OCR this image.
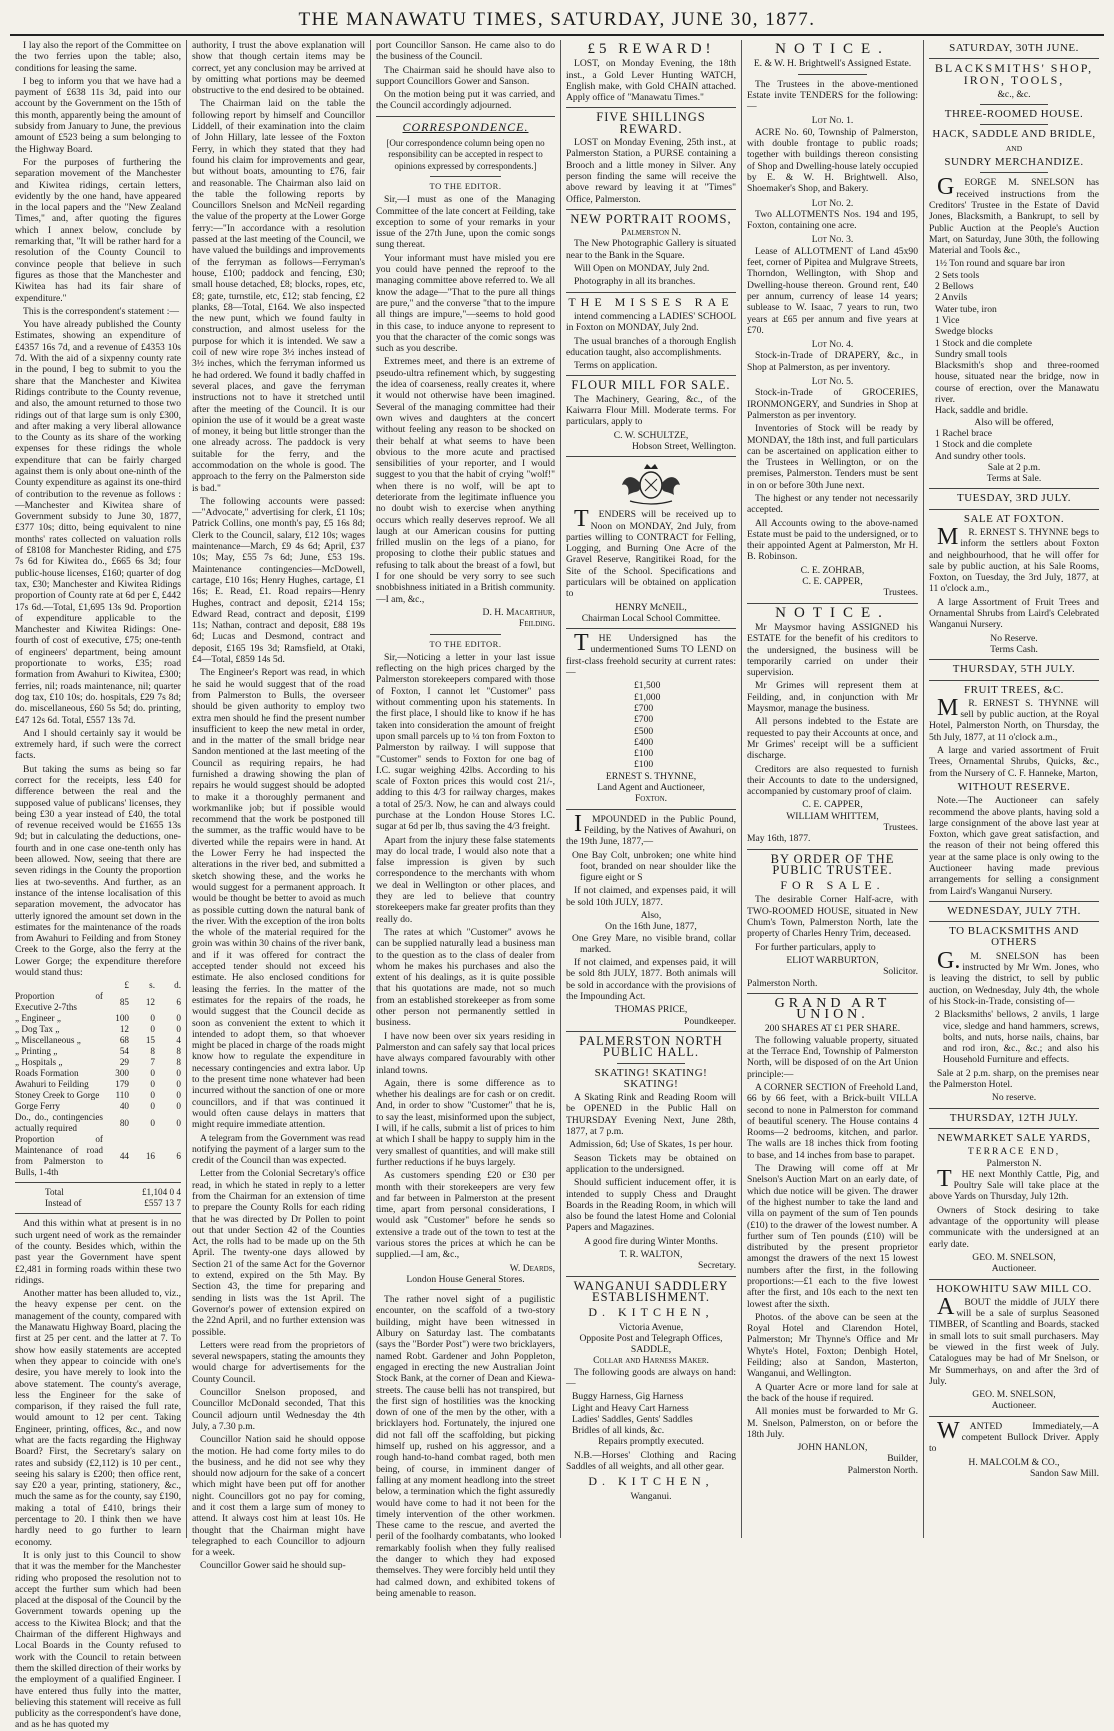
THE MANAWATU TIMES, SATURDAY, JUNE 30, 1877.

I lay also the report of the Committee on the two ferries upon the table; also, conditions for leasing the same.

I beg to inform you that we have had a payment of £638 11s 3d, paid into our account by the Government on the 15th of this month, apparently being the amount of subsidy from January to June, the previous amount of £523 being a sum belonging to the Highway Board.

For the purposes of furthering the separation movement of the Manchester and Kiwitea ridings, certain letters, evidently by the one hand, have appeared in the local papers and the "New Zealand Times," and, after quoting the figures which I annex below, conclude by remarking that, "It will be rather hard for a resolution of the County Council to convince people that believe in such figures as those that the Manchester and Kiwitea has had its fair share of expenditure."

This is the correspondent's statement :—

You have already published the County Estimates, showing an expenditure of £4357 16s 7d, and a revenue of £4353 10s 7d. With the aid of a sixpenny county rate in the pound, I beg to submit to you the share that the Manchester and Kiwitea Ridings contribute to the County revenue, and also, the amount returned to those two ridings out of that large sum is only £300, and after making a very liberal allowance to the County as its share of the working expenses for these ridings the whole expenditure that can be fairly charged against them is only about one-ninth of the County expenditure as against its one-third of contribution to the revenue as follows :—Manchester and Kiwitea share of Government subsidy to June 30, 1877, £377 10s; ditto, being equivalent to nine months' rates collected on valuation rolls of £8108 for Manchester Riding, and £75 7s 6d for Kiwitea do., £665 6s 3d; four public-house licenses, £160; quarter of dog tax, £30; Manchester and Kiwitea Ridings proportion of County rate at 6d per £, £442 17s 6d.—Total, £1,695 13s 9d. Proportion of expenditure applicable to the Manchester and Kiwitea Ridings: One-fourth of cost of executive, £75; one-tenth of engineers' department, being amount proportionate to works, £35; road formation from Awahuri to Kiwitea, £300; ferries, nil; roads maintenance, nil; quarter dog tax, £10 10s; do. hospitals, £29 7s 8d; do. miscellaneous, £60 5s 5d; do. printing, £47 12s 6d. Total, £557 13s 7d.

And I should certainly say it would be extremely hard, if such were the correct facts.

But taking the sums as being so far correct for the receipts, less £40 for difference between the real and the supposed value of publicans' licenses, they being £30 a year instead of £40, the total of revenue received would be £1655 13s 9d; but in calculating the deductions, one-fourth and in one case one-tenth only has been allowed. Now, seeing that there are seven ridings in the County the proportion lies at two-sevenths. And further, as an instance of the intense localisation of this separation movement, the advocator has utterly ignored the amount set down in the estimates for the maintenance of the roads from Awahuri to Feilding and from Stoney Creek to the Gorge, also the ferry at the Lower Gorge; the expenditure therefore would stand thus:

	£	s.	d.
Proportion of Executive 2-7ths	85	12	6
„ Engineer „	100	0	0
„ Dog Tax „	12	0	0
„ Miscellaneous „	68	15	4
„ Printing „	54	8	8
„ Hospitals „	29	7	8
Roads Formation	300	0	0
Awahuri to Feilding	179	0	0
Stoney Creek to Gorge	110	0	0
Gorge Ferry	40	0	0
Do., do., contingencies actually required	80	0	0
Proportion of Maintenance of road from Palmerston to Bulls, 1-4th	44	16	6
Total	£1,104 0 4
Instead of	£557 13 7

And this within what at present is in no such urgent need of work as the remainder of the county. Besides which, within the past year the Government have spent £2,481 in forming roads within these two ridings.

Another matter has been alluded to, viz., the heavy expense per cent. on the management of the county, compared with the Manawatu Highway Board, placing the first at 25 per cent. and the latter at 7. To show how easily statements are accepted when they appear to coincide with one's desire, you have merely to look into the above statement. The county's average, less the Engineer for the sake of comparison, if they raised the full rate, would amount to 12 per cent. Taking Engineer, printing, offices, &c., and now what are the facts regarding the Highway Board? First, the Secretary's salary on rates and subsidy (£2,112) is 10 per cent., seeing his salary is £200; then office rent, say £20 a year, printing, stationery, &c., much the same as for the county, say £190, making a total of £410, brings their percentage to 20. I think then we have hardly need to go further to learn economy.

It is only just to this Council to show that it was the member for the Manchester riding who proposed the resolution not to accept the further sum which had been placed at the disposal of the Council by the Government towards opening up the access to the Kiwitea Block; and that the Chairman of the different Highways and Local Boards in the County refused to work with the Council to retain between them the skilled direction of their works by the employment of a qualified Engineer. I have entered thus fully into the matter, believing this statement will receive as full publicity as the correspondent's have done, and as he has quoted my

authority, I trust the above explanation will show that though certain items may be correct, yet any conclusion may be arrived at by omitting what portions may be deemed obstructive to the end desired to be obtained.

The Chairman laid on the table the following report by himself and Councillor Liddell, of their examination into the claim of John Hillary, late lessee of the Foxton Ferry, in which they stated that they had found his claim for improvements and gear, but without boats, amounting to £76, fair and reasonable. The Chairman also laid on the table the following reports by Councillors Snelson and McNeil regarding the value of the property at the Lower Gorge ferry:—"In accordance with a resolution passed at the last meeting of the Council, we have valued the buildings and improvements of the ferryman as follows—Ferryman's house, £100; paddock and fencing, £30; small house detached, £8; blocks, ropes, etc, £8; gate, turnstile, etc, £12; stab fencing, £2 planks, £8—Total, £164. We also inspected the new punt, which we found faulty in construction, and almost useless for the purpose for which it is intended. We saw a coil of new wire rope 3½ inches instead of 3½ inches, which the ferryman informed us he had ordered. We found it badly chaffed in several places, and gave the ferryman instructions not to have it stretched until after the meeting of the Council. It is our opinion the use of it would be a great waste of money, it being but little stronger than the one already across. The paddock is very suitable for the ferry, and the accommodation on the whole is good. The approach to the ferry on the Palmerston side is bad."

The following accounts were passed:—"Advocate," advertising for clerk, £1 10s; Patrick Collins, one month's pay, £5 16s 8d; Clerk to the Council, salary, £12 10s; wages maintenance—March, £9 4s 6d; April, £37 10s; May, £55 7s 6d; June, £53 19s. Maintenance contingencies—McDowell, cartage, £10 16s; Henry Hughes, cartage, £1 16s; E. Read, £1. Road repairs—Henry Hughes, contract and deposit, £214 15s; Edward Read, contract and deposit, £199 11s; Nathan, contract and deposit, £88 19s 6d; Lucas and Desmond, contract and deposit, £165 19s 3d; Ramsfield, at Otaki, £4—Total, £859 14s 5d.

The Engineer's Report was read, in which he said he would suggest that of the road from Palmerston to Bulls, the overseer should be given authority to employ two extra men should he find the present number insufficient to keep the new metal in order, and in the matter of the small bridge near Sandon mentioned at the last meeting of the Council as requiring repairs, he had furnished a drawing showing the plan of repairs he would suggest should be adopted to make it a thoroughly permanent and workmanlike job; but if possible would recommend that the work be postponed till the summer, as the traffic would have to be diverted while the repairs were in hand. At the Lower Ferry he had inspected the alterations in the river bed, and submitted a sketch showing these, and the works he would suggest for a permanent approach. It would be thought be better to avoid as much as possible cutting down the natural bank of the river. With the exception of the iron bolts the whole of the material required for the groin was within 30 chains of the river bank, and if it was offered for contract the accepted tender should not exceed his estimate. He also enclosed conditions for leasing the ferries. In the matter of the estimates for the repairs of the roads, he would suggest that the Council decide as soon as convenient the extent to which it intended to adopt them, so that whoever might be placed in charge of the roads might know how to regulate the expenditure in necessary contingencies and extra labor. Up to the present time none whatever had been incurred without the sanction of one or more councillors, and if that was continued it would often cause delays in matters that might require immediate attention.

A telegram from the Government was read notifying the payment of a larger sum to the credit of the Council than was expected.

Letter from the Colonial Secretary's office read, in which he stated in reply to a letter from the Chairman for an extension of time to prepare the County Rolls for each riding that he was directed by Dr Pollen to point out that under Section 42 of the Counties Act, the rolls had to be made up on the 5th April. The twenty-one days allowed by Section 21 of the same Act for the Governor to extend, expired on the 5th May. By Section 43, the time for preparing and sending in lists was the 1st April. The Governor's power of extension expired on the 22nd April, and no further extension was possible.

Letters were read from the proprietors of several newspapers, stating the amounts they would charge for advertisements for the County Council.

Councillor Snelson proposed, and Councillor McDonald seconded, That this Council adjourn until Wednesday the 4th July, a 7.30 p.m.

Councillor Nation said he should oppose the motion. He had come forty miles to do the business, and he did not see why they should now adjourn for the sake of a concert which might have been put off for another night. Councillors got no pay for coming, and it cost them a large sum of money to attend. It always cost him at least 10s. He thought that the Chairman might have telegraphed to each Councillor to adjourn for a week.

Councillor Gower said he should sup-

port Councillor Sanson. He came also to do the business of the Council.

The Chairman said he should have also to support Councillors Gower and Sanson.

On the motion being put it was carried, and the Council accordingly adjourned.

CORRESPONDENCE.

[Our correspondence column being open no responsibility can be accepted in respect to opinions expressed by correspondents.]

TO THE EDITOR.

Sir,—I must as one of the Managing Committee of the late concert at Feilding, take exception to some of your remarks in your issue of the 27th June, upon the comic songs sung thereat.

Your informant must have misled you ere you could have penned the reproof to the managing committee above referred to. We all know the adage—"That to the pure all things are pure," and the converse "that to the impure all things are impure,"—seems to hold good in this case, to induce anyone to represent to you that the character of the comic songs was such as you describe.

Extremes meet, and there is an extreme of pseudo-ultra refinement which, by suggesting the idea of coarseness, really creates it, where it would not otherwise have been imagined. Several of the managing committee had their own wives and daughters at the concert without feeling any reason to be shocked on their behalf at what seems to have been obvious to the more acute and practised sensibilities of your reporter, and I would suggest to you that the habit of crying "wolf!" when there is no wolf, will be apt to deteriorate from the legitimate influence you no doubt wish to exercise when anything occurs which really deserves reproof. We all laugh at our American cousins for putting frilled muslin on the legs of a piano, for proposing to clothe their public statues and refusing to talk about the breast of a fowl, but I for one should be very sorry to see such snobbishness initiated in a British community.—I am, &c.,

D. H. Macarthur,
Feilding.
TO THE EDITOR.

Sir,—Noticing a letter in your last issue reflecting on the high prices charged by the Palmerston storekeepers compared with those of Foxton, I cannot let "Customer" pass without commenting upon his statements. In the first place, I should like to know if he has taken into consideration the amount of freight upon small parcels up to ¼ ton from Foxton to Palmerston by railway. I will suppose that "Customer" sends to Foxton for one bag of I.C. sugar weighing 42lbs. According to his scale of Foxton prices this would cost 21/-, adding to this 4/3 for railway charges, makes a total of 25/3. Now, he can and always could purchase at the London House Stores I.C. sugar at 6d per lb, thus saving the 4/3 freight.

Apart from the injury these false statements may do local trade, I would also note that a false impression is given by such correspondence to the merchants with whom we deal in Wellington or other places, and they are led to believe that country storekeepers make far greater profits than they really do.

The rates at which "Customer" avows he can be supplied naturally lead a business man to the question as to the class of dealer from whom he makes his purchases and also the extent of his dealings, as it is quite possible that his quotations are made, not so much from an established storekeeper as from some other person not permanently settled in business.

I have now been over six years residing in Palmerston and can safely say that local prices have always compared favourably with other inland towns.

Again, there is some difference as to whether his dealings are for cash or on credit. And, in order to show "Customer" that he is, to say the least, misinformed upon the subject, I will, if he calls, submit a list of prices to him at which I shall be happy to supply him in the very smallest of quantities, and will make still further reductions if he buys largely.

As customers spending £20 or £30 per month with their storekeepers are very few and far between in Palmerston at the present time, apart from personal considerations, I would ask "Customer" before he sends so extensive a trade out of the town to test at the various stores the prices at which he can be supplied.—I am, &c.,

W. Deards,
London House General Stores.

The rather novel sight of a pugilistic encounter, on the scaffold of a two-story building, might have been witnessed in Albury on Saturday last. The combatants (says the "Border Post") were two bricklayers, named Robt. Gardener and John Poppleton, engaged in erecting the new Australian Joint Stock Bank, at the corner of Dean and Kiewa-streets. The cause belli has not transpired, but the first sign of hostilities was the knocking down of one of the men by the other, with a bricklayers hod. Fortunately, the injured one did not fall off the scaffolding, but picking himself up, rushed on his aggressor, and a rough hand-to-hand combat raged, both men being, of course, in imminent danger of falling at any moment headlong into the street below, a termination which the fight assuredly would have come to had it not been for the timely intervention of the other workmen. These came to the rescue, and averted the peril of the foolhardy combatants, who looked remarkably foolish when they fully realised the danger to which they had exposed themselves. They were forcibly held until they had calmed down, and exhibited tokens of being amenable to reason.

£5 REWARD!

LOST, on Monday Evening, the 18th inst., a Gold Lever Hunting WATCH, English make, with Gold CHAIN attached. Apply office of "Manawatu Times."

FIVE SHILLINGS REWARD.

LOST on Monday Evening, 25th inst., at Palmerston Station, a PURSE containing a Brooch and a little money in Silver. Any person finding the same will receive the above reward by leaving it at "Times" Office, Palmerston.

NEW PORTRAIT ROOMS,
Palmerston N.

The New Photographic Gallery is situated near to the Bank in the Square.

Will Open on MONDAY, July 2nd.

Photography in all its branches.

THE MISSES RAE

intend commencing a LADIES' SCHOOL in Foxton on MONDAY, July 2nd.

The usual branches of a thorough English education taught, also accomplishments.

Terms on application.

FLOUR MILL FOR SALE.

The Machinery, Gearing, &c., of the Kaiwarra Flour Mill. Moderate terms. For particulars, apply to

C. W. SCHULTZE,
Hobson Street, Wellington.

TENDERS will be received up to Noon on MONDAY, 2nd July, from parties willing to CONTRACT for Felling, Logging, and Burning One Acre of the Gravel Reserve, Rangitikei Road, for the Site of the School. Specifications and particulars will be obtained on application to

HENRY McNEIL,
Chairman Local School Committee.

THE Undersigned has the undermentioned Sums TO LEND on first-class freehold security at current rates:—

£1,500
£1,000
£700
£700
£500
£400
£100
£100
ERNEST S. THYNNE,
Land Agent and Auctioneer,
Foxton.

IMPOUNDED in the Public Pound, Feilding, by the Natives of Awahuri, on the 19th June, 1877,—

One Bay Colt, unbroken; one white hind foot, branded on near shoulder like the figure eight or S

If not claimed, and expenses paid, it will be sold 10th JULY, 1877.

Also,
On the 16th June, 1877,

One Grey Mare, no visible brand, collar marked.

If not claimed, and expenses paid, it will be sold 8th JULY, 1877. Both animals will be sold in accordance with the provisions of the Impounding Act.

THOMAS PRICE,
Poundkeeper.
PALMERSTON NORTH PUBLIC HALL.
SKATING! SKATING! SKATING!

A Skating Rink and Reading Room will be OPENED in the Public Hall on THURSDAY Evening Next, June 28th, 1877, at 7 p.m.

Admission, 6d; Use of Skates, 1s per hour.

Season Tickets may be obtained on application to the undersigned.

Should sufficient inducement offer, it is intended to supply Chess and Draught Boards in the Reading Room, in which will also be found the latest Home and Colonial Papers and Magazines.

A good fire during Winter Months.

T. R. WALTON,
Secretary.
WANGANUI SADDLERY ESTABLISHMENT.
D. KITCHEN,
Victoria Avenue,
Opposite Post and Telegraph Offices,
SADDLE,
Collar and Harness Maker.

The following goods are always on hand:—

Buggy Harness, Gig Harness
Light and Heavy Cart Harness
Ladies' Saddles, Gents' Saddles
Bridles of all kinds, &c.

Repairs promptly executed.

N.B.—Horses' Clothing and Racing Saddles of all weights, and all other gear.

D. KITCHEN,
Wanganui.
NOTICE.
E. & W. H. Brightwell's Assigned Estate.

The Trustees in the above-mentioned Estate invite TENDERS for the following:—

Lot No. 1.

ACRE No. 60, Township of Palmerston, with double frontage to public roads; together with buildings thereon consisting of Shop and Dwelling-house lately occupied by E. & W. H. Brightwell. Also, Shoemaker's Shop, and Bakery.

Lot No. 2.

Two ALLOTMENTS Nos. 194 and 195, Foxton, containing one acre.

Lot No. 3.

Lease of ALLOTMENT of Land 45x90 feet, corner of Pipitea and Mulgrave Streets, Thorndon, Wellington, with Shop and Dwelling-house thereon. Ground rent, £40 per annum, currency of lease 14 years; sublease to W. Isaac, 7 years to run, two years at £65 per annum and five years at £70.

Lot No. 4.

Stock-in-Trade of DRAPERY, &c., in Shop at Palmerston, as per inventory.

Lot No. 5.

Stock-in-Trade of GROCERIES, IRONMONGERY, and Sundries in Shop at Palmerston as per inventory.

Inventories of Stock will be ready by MONDAY, the 18th inst, and full particulars can be ascertained on application either to the Trustees in Wellington, or on the premises, Palmerston. Tenders must be sent in on or before 30th June next.

The highest or any tender not necessarily accepted.

All Accounts owing to the above-named Estate must be paid to the undersigned, or to their appointed Agent at Palmerston, Mr H. B. Robinson.

C. E. ZOHRAB,
C. E. CAPPER,
Trustees.
NOTICE.

Mr Maysmor having ASSIGNED his ESTATE for the benefit of his creditors to the undersigned, the business will be temporarily carried on under their supervision.

Mr Grimes will represent them at Feilding, and, in conjunction with Mr Maysmor, manage the business.

All persons indebted to the Estate are requested to pay their Accounts at once, and Mr Grimes' receipt will be a sufficient discharge.

Creditors are also requested to furnish their Accounts to date to the undersigned, accompanied by customary proof of claim.

C. E. CAPPER,
WILLIAM WHITTEM,
Trustees.
May 16th, 1877.
BY ORDER OF THE PUBLIC TRUSTEE.
FOR SALE.

The desirable Corner Half-acre, with TWO-ROOMED HOUSE, situated in New Chum's Town, Palmerston North, late the property of Charles Henry Trim, deceased.

For further particulars, apply to

ELIOT WARBURTON,
Solicitor.
Palmerston North.
GRAND ART UNION.
200 SHARES AT £1 PER SHARE.

The following valuable property, situated at the Terrace End, Township of Palmerston North, will be disposed of on the Art Union principle:—

A CORNER SECTION of Freehold Land, 66 by 66 feet, with a Brick-built VILLA second to none in Palmerston for command of beautiful scenery. The House contains 4 Rooms—2 bedrooms, kitchen, and parlor. The walls are 18 inches thick from footing to base, and 14 inches from base to parapet.

The Drawing will come off at Mr Snelson's Auction Mart on an early date, of which due notice will be given. The drawer of the highest number to take the land and villa on payment of the sum of Ten pounds (£10) to the drawer of the lowest number. A further sum of Ten pounds (£10) will be distributed by the present proprietor amongst the drawers of the next 15 lowest numbers after the first, in the following proportions:—£1 each to the five lowest after the first, and 10s each to the next ten lowest after the sixth.

Photos. of the above can be seen at the Royal Hotel and Clarendon Hotel, Palmerston; Mr Thynne's Office and Mr Whyte's Hotel, Foxton; Denbigh Hotel, Feilding; also at Sandon, Masterton, Wanganui, and Wellington.

A Quarter Acre or more land for sale at the back of the house if required.

All monies must be forwarded to Mr G. M. Snelson, Palmerston, on or before the 18th July.

JOHN HANLON,
Builder,
Palmerston North.
SATURDAY, 30TH JUNE.
BLACKSMITHS' SHOP, IRON, TOOLS,
&c., &c.
THREE-ROOMED HOUSE.
HACK, SADDLE AND BRIDLE,
AND
SUNDRY MERCHANDIZE.

GEORGE M. SNELSON has received instructions from the Creditors' Trustee in the Estate of David Jones, Blacksmith, a Bankrupt, to sell by Public Auction at the People's Auction Mart, on Saturday, June 30th, the following Material and Tools &c.,

1½ Ton round and square bar iron
2 Sets tools
2 Bellows
2 Anvils
Water tube, iron
1 Vice
Swedge blocks
1 Stock and die complete
Sundry small tools
Blacksmith's shop and three-roomed house, situated near the bridge, now in course of erection, over the Manawatu river.
Hack, saddle and bridle.
Also will be offered,
1 Rachel brace
1 Stock and die complete
And sundry other tools.
Sale at 2 p.m.
Terms at Sale.
TUESDAY, 3RD JULY.
SALE AT FOXTON.

MR. ERNEST S. THYNNE begs to inform the settlers about Foxton and neighbourhood, that he will offer for sale by public auction, at his Sale Rooms, Foxton, on Tuesday, the 3rd July, 1877, at 11 o'clock a.m.,

A large Assortment of Fruit Trees and Ornamental Shrubs from Laird's Celebrated Wanganui Nursery.

No Reserve.
Terms Cash.
THURSDAY, 5TH JULY.
FRUIT TREES, &C.

MR. ERNEST S. THYNNE will sell by public auction, at the Royal Hotel, Palmerston North, on Thursday, the 5th July, 1877, at 11 o'clock a.m.,

A large and varied assortment of Fruit Trees, Ornamental Shrubs, Quicks, &c., from the Nursery of C. F. Hanneke, Marton,

WITHOUT RESERVE.

Note.—The Auctioneer can safely recommend the above plants, having sold a large consignment of the above last year at Foxton, which gave great satisfaction, and the reason of their not being offered this year at the same place is only owing to the Auctioneer having made previous arrangements for selling a consignment from Laird's Wanganui Nursery.

WEDNESDAY, JULY 7TH.
TO BLACKSMITHS AND OTHERS

G.M. SNELSON has been instructed by Mr Wm. Jones, who is leaving the district, to sell by public auction, on Wednesday, July 4th, the whole of his Stock-in-Trade, consisting of—

2 Blacksmiths' bellows, 2 anvils, 1 large vice, sledge and hand hammers, screws, bolts, and nuts, horse nails, chains, bar and rod iron, &c., &c.; and also his Household Furniture and effects.

Sale at 2 p.m. sharp, on the premises near the Palmerston Hotel.

No reserve.
THURSDAY, 12TH JULY.
NEWMARKET SALE YARDS,
TERRACE END,
Palmerston N.

THE next Monthly Cattle, Pig, and Poultry Sale will take place at the above Yards on Thursday, July 12th.

Owners of Stock desiring to take advantage of the opportunity will please communicate with the undersigned at an early date.

GEO. M. SNELSON,
Auctioneer.
HOKOWHITU SAW MILL CO.

ABOUT the middle of JULY there will be a sale of surplus Seasoned TIMBER, of Scantling and Boards, stacked in small lots to suit small purchasers. May be viewed in the first week of July. Catalogues may be had of Mr Snelson, or Mr Summerhays, on and after the 3rd of July.

GEO. M. SNELSON,
Auctioneer.

WANTED Immediately,—A competent Bullock Driver. Apply to

H. MALCOLM & CO.,
Sandon Saw Mill.
